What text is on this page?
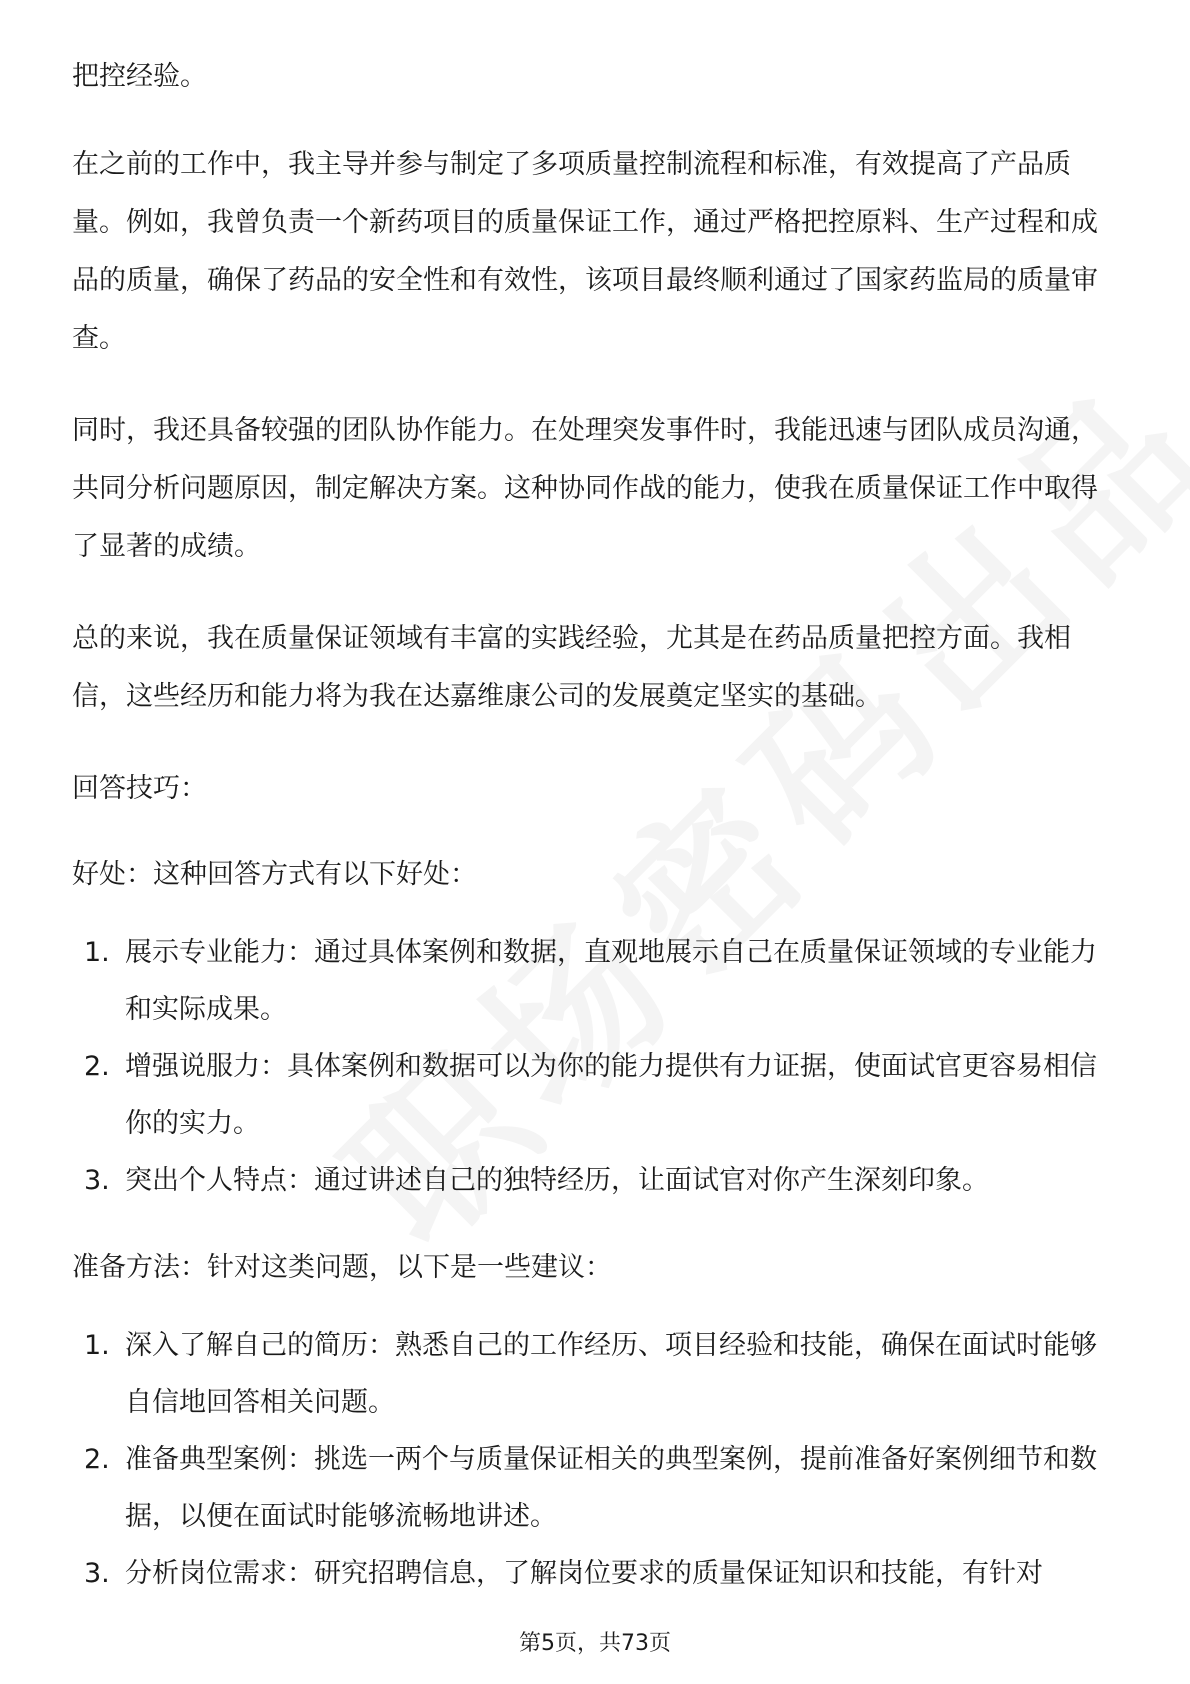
把控经验。

在之前的工作中，我主导并参与制定了多项质量控制流程和标准，有效提高了产品质量。例如，我曾负责一个新药项目的质量保证工作，通过严格把控原料、生产过程和成品的质量，确保了药品的安全性和有效性，该项目最终顺利通过了国家药监局的质量审查。

同时，我还具备较强的团队协作能力。在处理突发事件时，我能迅速与团队成员沟通，共同分析问题原因，制定解决方案。这种协同作战的能力，使我在质量保证工作中取得了显著的成绩。

总的来说，我在质量保证领域有丰富的实践经验，尤其是在药品质量把控方面。我相信，这些经历和能力将为我在达嘉维康公司的发展奠定坚实的基础。

回答技巧：

好处：这种回答方式有以下好处：

1. 展示专业能力：通过具体案例和数据，直观地展示自己在质量保证领域的专业能力和实际成果。
2. 增强说服力：具体案例和数据可以为你的能力提供有力证据，使面试官更容易相信你的实力。
3. 突出个人特点：通过讲述自己的独特经历，让面试官对你产生深刻印象。

准备方法：针对这类问题，以下是一些建议：

1. 深入了解自己的简历：熟悉自己的工作经历、项目经验和技能，确保在面试时能够自信地回答相关问题。
2. 准备典型案例：挑选一两个与质量保证相关的典型案例，提前准备好案例细节和数据，以便在面试时能够流畅地讲述。
3. 分析岗位需求：研究招聘信息，了解岗位要求的质量保证知识和技能，有针对
第5页，共73页
